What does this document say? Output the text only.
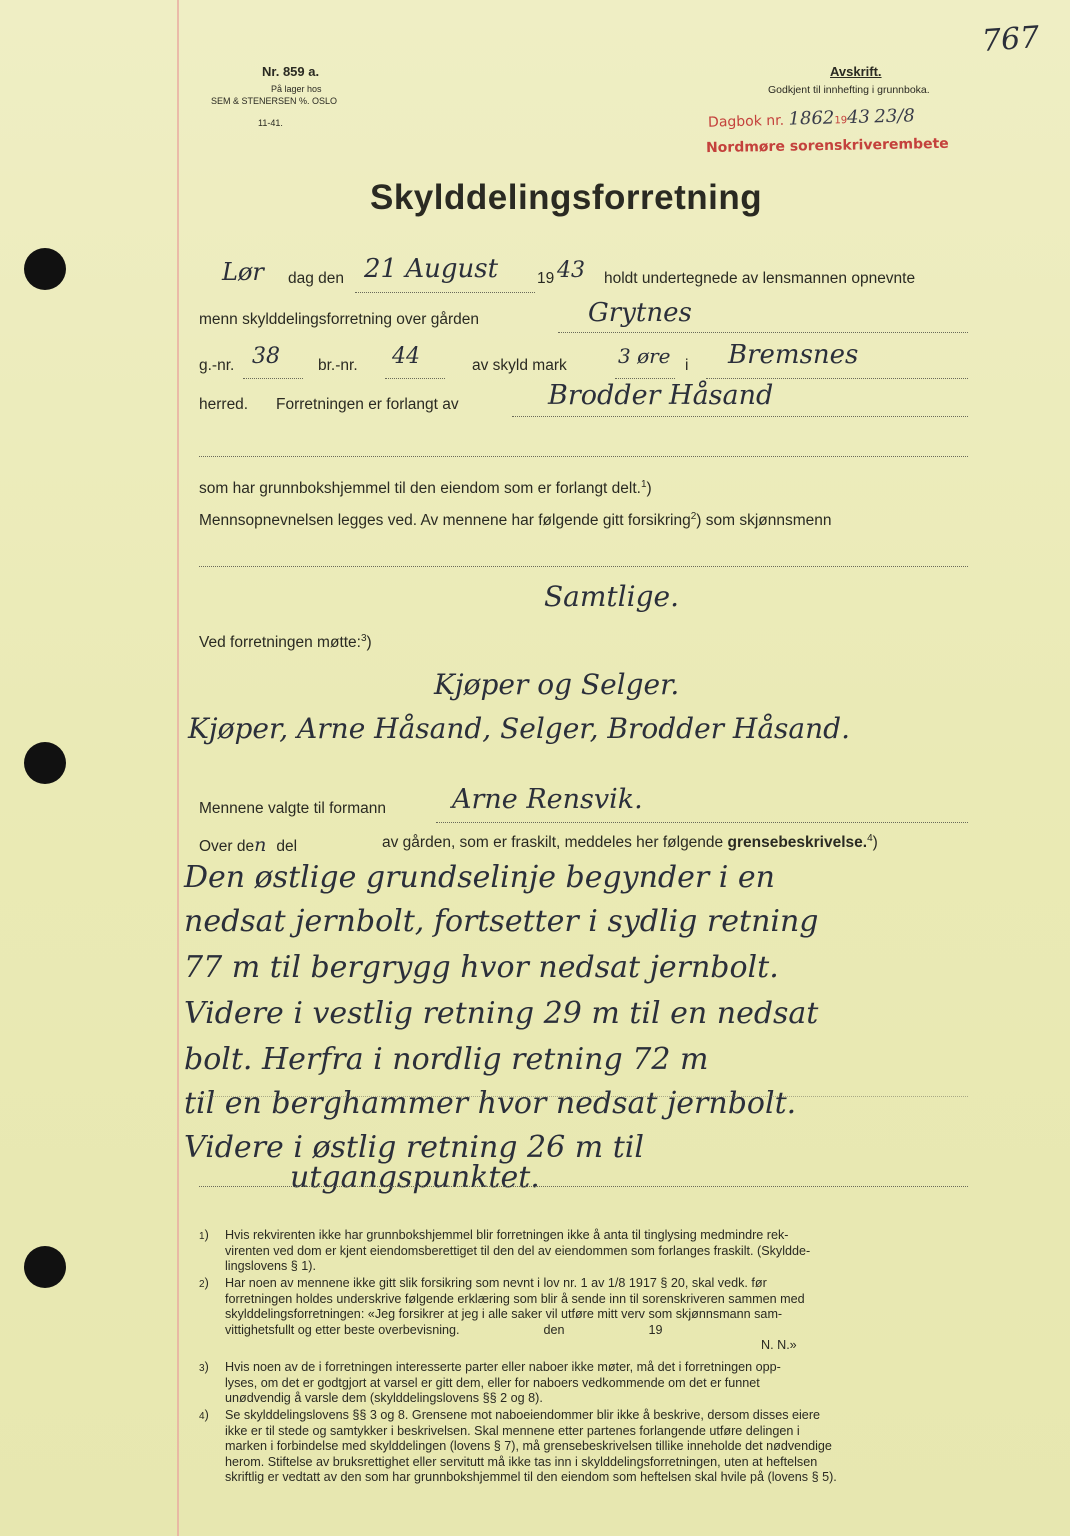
767
Nr. 859 a.
På lager hos
SEM & STENERSEN %. OSLO
11-41.
Avskrift.
Godkjent til innhefting i grunnboka.
Dagbok nr. 18621943 23/8
Nordmøre sorenskriverembete
Skylddelingsforretning
Lør dag den 21 August	19 43 holdt undertegnede av lensmannen opnevnte
menn skylddelingsforretning over gården	Grytnes
g.-nr. 38 br.-nr. 44	av skyld mark	3 øre i Bremsnes
herred. Forretningen er forlangt av	Brodder Håsand
som har grunnbokshjemmel til den eiendom som er forlangt delt.$^1$)
Mennsopnevnelsen legges ved. Av mennene har følgende gitt forsikring$^2$) som skjønnsmenn
Samtlige.
Ved forretningen møtte:$^3$)
Kjøper og Selger.
Kjøper, Arne Håsand, Selger, Brodder Håsand.
Mennene valgte til formann Arne Rensvik.
Over den del	av gården, som er fraskilt, meddeles her følgende grensebeskrivelse.$^4$)
Den østlige grundselinje begynder i en
nedsat jernbolt, fortsetter i sydlig retning
77 m til bergrygg hvor nedsat jernbolt.
Videre i vestlig retning 29 m til en nedsat
bolt. Herfra i nordlig retning 72 m
til en berghammer hvor nedsat jernbolt.
Videre i østlig retning 26 m til
utgangspunktet.
1)	Hvis rekvirenten ikke har grunnbokshjemmel blir forretningen ikke å anta til tinglysing medmindre rek-
virenten ved dom er kjent eiendomsberettiget til den del av eiendommen som forlanges fraskilt. (Skyldde-
lingslovens § 1).
2)	Har noen av mennene ikke gitt slik forsikring som nevnt i lov nr. 1 av 1/8 1917 § 20, skal vedk. før
forretningen holdes underskrive følgende erklæring som blir å sende inn til sorenskriveren sammen med
skylddelingsforretningen: «Jeg forsikrer at jeg i alle saker vil utføre mitt verv som skjønnsmann sam-
vittighetsfullt og etter beste overbevisning.                        den                        19
N. N.»
3)	Hvis noen av de i forretningen interesserte parter eller naboer ikke møter, må det i forretningen opp-
lyses, om det er godtgjort at varsel er gitt dem, eller for naboers vedkommende om det er funnet
unødvendig å varsle dem (skylddelingslovens §§ 2 og 8).
4)	Se skylddelingslovens §§ 3 og 8. Grensene mot naboeiendommer blir ikke å beskrive, dersom disses eiere
ikke er til stede og samtykker i beskrivelsen. Skal mennene etter partenes forlangende utføre delingen i
marken i forbindelse med skylddelingen (lovens § 7), må grensebeskrivelsen tillike inneholde det nødvendige
herom. Stiftelse av bruksrettighet eller servitutt må ikke tas inn i skylddelingsforretningen, uten at heftelsen
skriftlig er vedtatt av den som har grunnbokshjemmel til den eiendom som heftelsen skal hvile på (lovens § 5).
